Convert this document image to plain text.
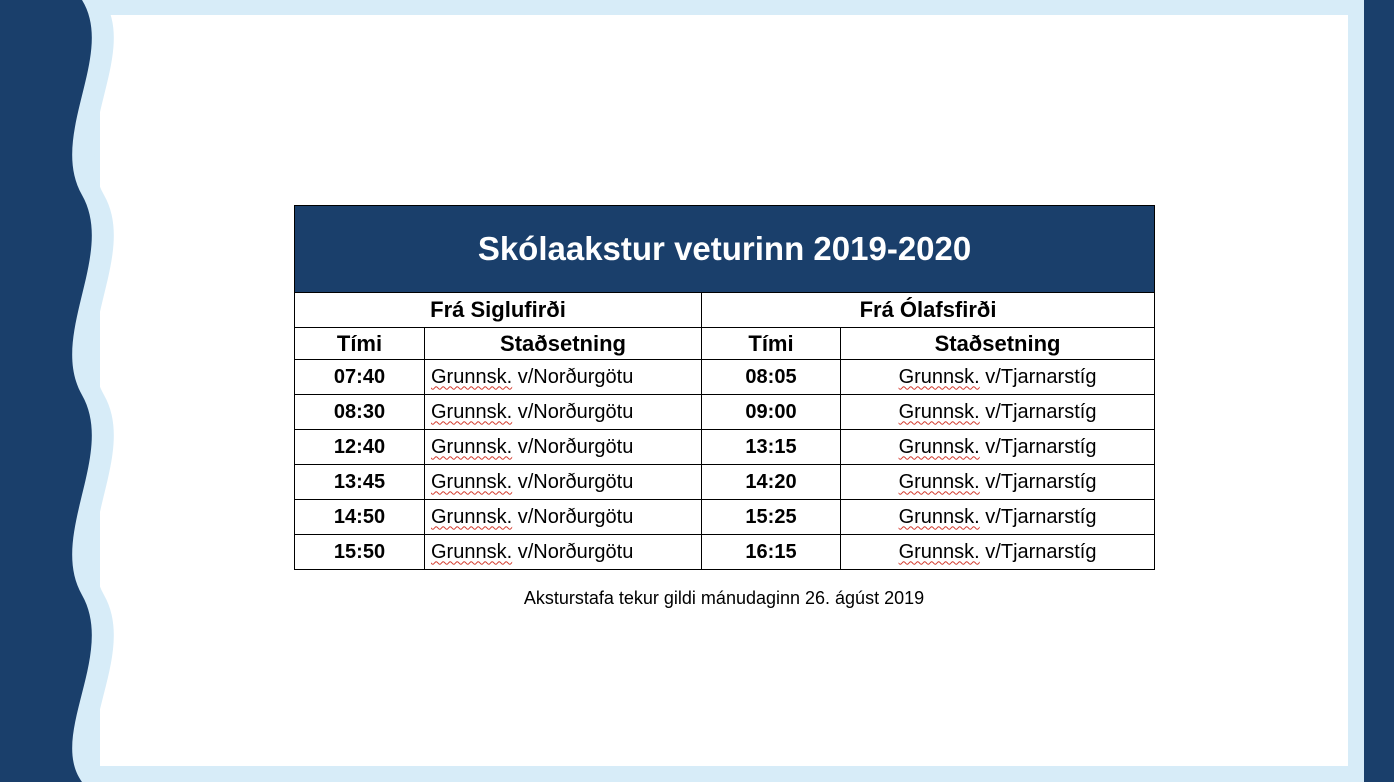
Skólaakstur veturinn 2019-2020			
Frá Siglufirði		Frá Ólafsfirði	
Tími	Staðsetning	Tími	Staðsetning
07:40	Grunnsk. v/Norðurgötu	08:05	Grunnsk. v/Tjarnarstíg
08:30	Grunnsk. v/Norðurgötu	09:00	Grunnsk. v/Tjarnarstíg
12:40	Grunnsk. v/Norðurgötu	13:15	Grunnsk. v/Tjarnarstíg
13:45	Grunnsk. v/Norðurgötu	14:20	Grunnsk. v/Tjarnarstíg
14:50	Grunnsk. v/Norðurgötu	15:25	Grunnsk. v/Tjarnarstíg
15:50	Grunnsk. v/Norðurgötu	16:15	Grunnsk. v/Tjarnarstíg
Aksturstafa tekur gildi mánudaginn 26. ágúst 2019
